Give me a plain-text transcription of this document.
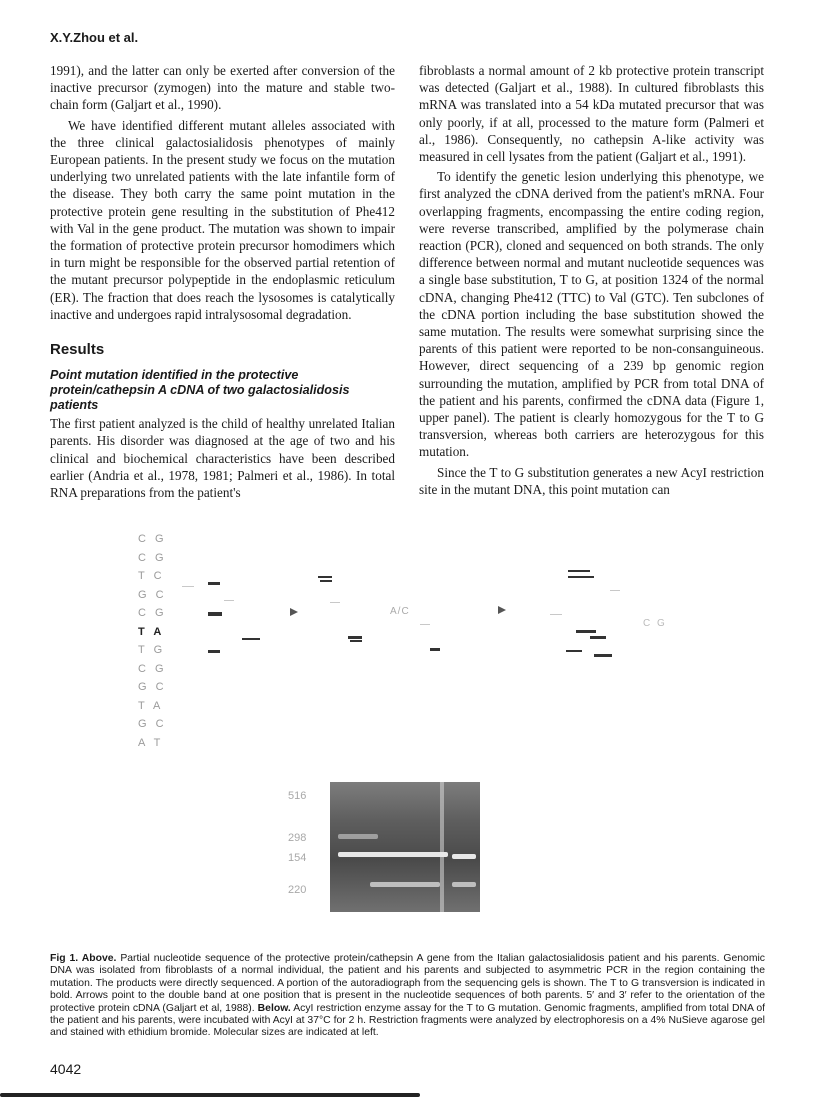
X.Y.Zhou et al.

1991), and the latter can only be exerted after conversion of the inactive precursor (zymogen) into the mature and stable two-chain form (Galjart et al., 1990).

We have identified different mutant alleles associated with the three clinical galactosialidosis phenotypes of mainly European patients. In the present study we focus on the mutation underlying two unrelated patients with the late infantile form of the disease. They both carry the same point mutation in the protective protein gene resulting in the substitution of Phe412 with Val in the gene product. The mutation was shown to impair the formation of protective protein precursor homodimers which in turn might be responsible for the observed partial retention of the mutant precursor polypeptide in the endoplasmic reticulum (ER). The fraction that does reach the lysosomes is catalytically inactive and undergoes rapid intralysosomal degradation.

Results
Point mutation identified in the protective protein/cathepsin A cDNA of two galactosialidosis patients

The first patient analyzed is the child of healthy unrelated Italian parents. His disorder was diagnosed at the age of two and his clinical and biochemical characteristics have been described earlier (Andria et al., 1978, 1981; Palmeri et al., 1986). In total RNA preparations from the patient's

fibroblasts a normal amount of 2 kb protective protein transcript was detected (Galjart et al., 1988). In cultured fibroblasts this mRNA was translated into a 54 kDa mutated precursor that was only poorly, if at all, processed to the mature form (Palmeri et al., 1986). Consequently, no cathepsin A-like activity was measured in cell lysates from the patient (Galjart et al., 1991).

To identify the genetic lesion underlying this phenotype, we first analyzed the cDNA derived from the patient's mRNA. Four overlapping fragments, encompassing the entire coding region, were reverse transcribed, amplified by the polymerase chain reaction (PCR), cloned and sequenced on both strands. The only difference between normal and mutant nucleotide sequences was a single base substitution, T to G, at position 1324 of the normal cDNA, changing Phe412 (TTC) to Val (GTC). Ten subclones of the cDNA portion including the base substitution showed the same mutation. The results were somewhat surprising since the parents of this patient were reported to be non-consanguineous. However, direct sequencing of a 239 bp genomic region surrounding the mutation, amplified by PCR from total DNA of the patient and his parents, confirmed the cDNA data (Figure 1, upper panel). The patient is clearly homozygous for the T to G transversion, whereas both carriers are heterozygous for this mutation.

Since the T to G substitution generates a new AcyI restriction site in the mutant DNA, this point mutation can

C G
C G
T C
G C
C G
T A
T G
C G
G C
T A
G C
A T
A/C
C G
516
298
154
220
Fig 1. Above. Partial nucleotide sequence of the protective protein/cathepsin A gene from the Italian galactosialidosis patient and his parents. Genomic DNA was isolated from fibroblasts of a normal individual, the patient and his parents and subjected to asymmetric PCR in the region containing the mutation. The products were directly sequenced. A portion of the autoradiograph from the sequencing gels is shown. The T to G transversion is indicated in bold. Arrows point to the double band at one position that is present in the nucleotide sequences of both parents. 5′ and 3′ refer to the orientation of the protective protein cDNA (Galjart et al, 1988). Below. AcyI restriction enzyme assay for the T to G mutation. Genomic fragments, amplified from total DNA of the patient and his parents, were incubated with AcyI at 37°C for 2 h. Restriction fragments were analyzed by electrophoresis on a 4% NuSieve agarose gel and stained with ethidium bromide. Molecular sizes are indicated at left.
4042
